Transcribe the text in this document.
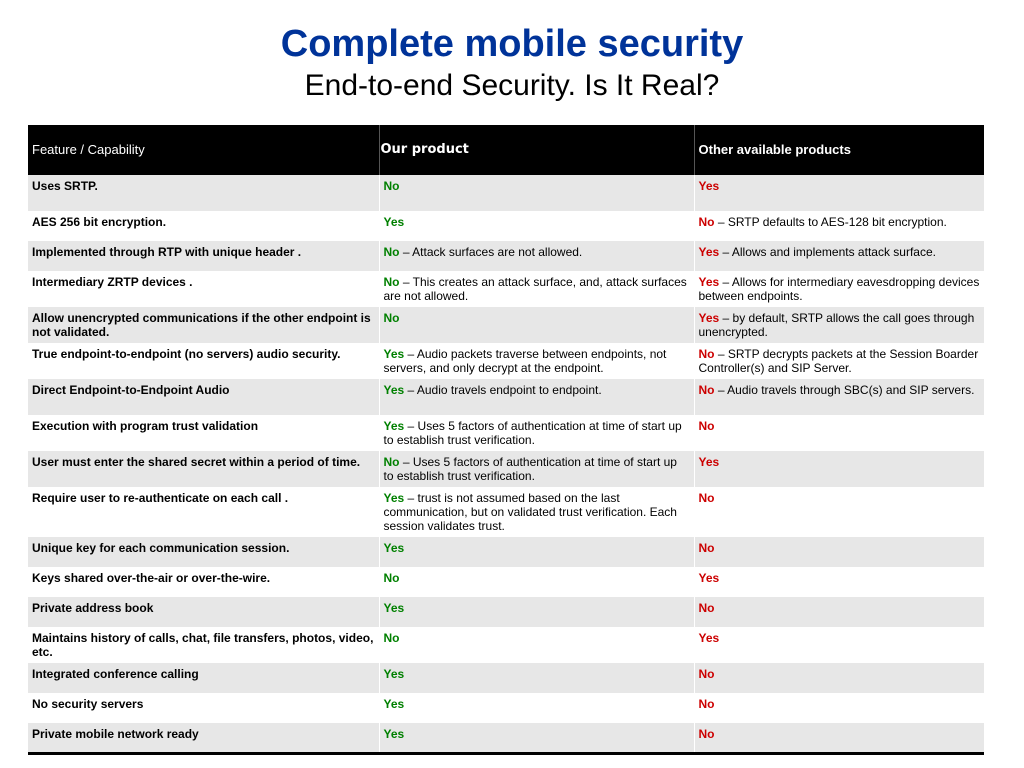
Complete mobile security
End-to-end Security. Is It Real?
Feature / Capability	Our product	Other available products
Uses SRTP.	No	Yes
AES 256 bit encryption.	Yes	No – SRTP defaults to AES-128 bit encryption.
Implemented through RTP with unique header .	No – Attack surfaces are not allowed.	Yes – Allows and implements attack surface.
Intermediary ZRTP devices .	No – This creates an attack surface, and, attack surfaces are not allowed.	Yes – Allows for intermediary eavesdropping devices between endpoints.
Allow unencrypted communications if the other endpoint is not validated.	No	Yes – by default, SRTP allows the call goes through unencrypted.
True endpoint-to-endpoint (no servers) audio security.	Yes – Audio packets traverse between endpoints, not servers, and only decrypt at the endpoint.	No – SRTP decrypts packets at the Session Boarder Controller(s) and SIP Server.
Direct Endpoint-to-Endpoint Audio	Yes – Audio travels endpoint to endpoint.	No – Audio travels through SBC(s) and SIP servers.
Execution with program trust validation	Yes – Uses 5 factors of authentication at time of start up to establish trust verification.	No
User must enter the shared secret within a period of time.	No – Uses 5 factors of authentication at time of start up to establish trust verification.	Yes
Require user to re-authenticate on each call .	Yes – trust is not assumed based on the last communication, but on validated trust verification. Each session validates trust.	No
Unique key for each communication session.	Yes	No
Keys shared over-the-air or over-the-wire.	No	Yes
Private address book	Yes	No
Maintains history of calls, chat, file transfers, photos, video, etc.	No	Yes
Integrated conference calling	Yes	No
No security servers	Yes	No
Private mobile network ready	Yes	No
